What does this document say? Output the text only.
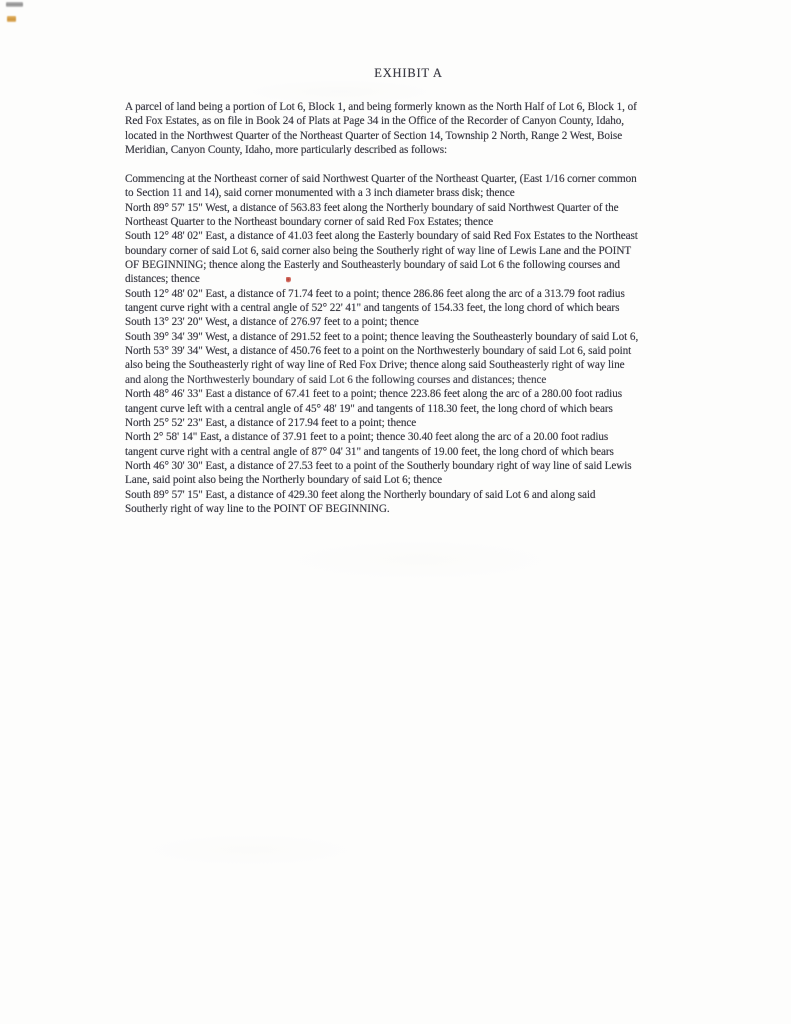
EXHIBIT A
A parcel of land being a portion of Lot 6, Block 1, and being formerly known as the North Half of Lot 6, Block 1, of
Red Fox Estates, as on file in Book 24 of Plats at Page 34 in the Office of the Recorder of Canyon County, Idaho,
located in the Northwest Quarter of the Northeast Quarter of Section 14, Township 2 North, Range 2 West, Boise
Meridian, Canyon County, Idaho, more particularly described as follows:
Commencing at the Northeast corner of said Northwest Quarter of the Northeast Quarter, (East 1/16 corner common
to Section 11 and 14), said corner monumented with a 3 inch diameter brass disk; thence
North 89° 57' 15" West, a distance of 563.83 feet along the Northerly boundary of said Northwest Quarter of the
Northeast Quarter to the Northeast boundary corner of said Red Fox Estates; thence
South 12° 48' 02" East, a distance of 41.03 feet along the Easterly boundary of said Red Fox Estates to the Northeast
boundary corner of said Lot 6, said corner also being the Southerly right of way line of Lewis Lane and the POINT
OF BEGINNING; thence along the Easterly and Southeasterly boundary of said Lot 6 the following courses and
distances; thence
South 12° 48' 02" East, a distance of 71.74 feet to a point; thence 286.86 feet along the arc of a 313.79 foot radius
tangent curve right with a central angle of 52° 22' 41" and tangents of 154.33 feet, the long chord of which bears
South 13° 23' 20" West, a distance of 276.97 feet to a point; thence
South 39° 34' 39" West, a distance of 291.52 feet to a point; thence leaving the Southeasterly boundary of said Lot 6,
North 53° 39' 34" West, a distance of 450.76 feet to a point on the Northwesterly boundary of said Lot 6, said point
also being the Southeasterly right of way line of Red Fox Drive; thence along said Southeasterly right of way line
and along the Northwesterly boundary of said Lot 6 the following courses and distances; thence
North 48° 46' 33" East a distance of 67.41 feet to a point; thence 223.86 feet along the arc of a 280.00 foot radius
tangent curve left with a central angle of 45° 48' 19" and tangents of 118.30 feet, the long chord of which bears
North 25° 52' 23" East, a distance of 217.94 feet to a point; thence
North 2° 58' 14" East, a distance of 37.91 feet to a point; thence 30.40 feet along the arc of a 20.00 foot radius
tangent curve right with a central angle of 87° 04' 31" and tangents of 19.00 feet, the long chord of which bears
North 46° 30' 30" East, a distance of 27.53 feet to a point of the Southerly boundary right of way line of said Lewis
Lane, said point also being the Northerly boundary of said Lot 6; thence
South 89° 57' 15" East, a distance of 429.30 feet along the Northerly boundary of said Lot 6 and along said
Southerly right of way line to the POINT OF BEGINNING.
